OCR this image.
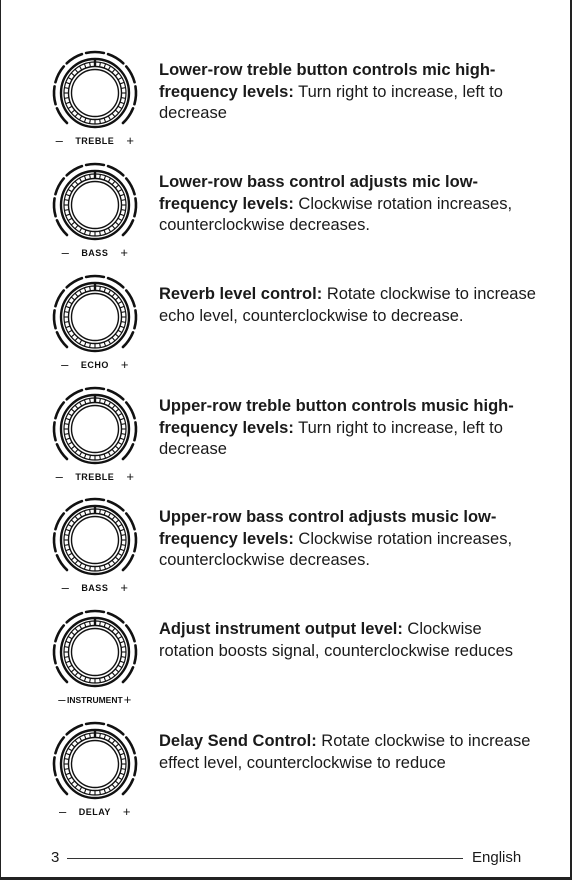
– TREBLE +
Lower-row treble button controls mic high-frequency levels: Turn right to increase, left to decrease
– BASS +
Lower-row bass control adjusts mic low-frequency levels: Clockwise rotation increases, counterclockwise decreases.
– ECHO +
Reverb level control: Rotate clockwise to increase echo level, counterclockwise to decrease.
– TREBLE +
Upper-row treble button controls music high-frequency levels: Turn right to increase, left to decrease
– BASS +
Upper-row bass control adjusts music low-frequency levels: Clockwise rotation increases, counterclockwise decreases.
– INSTRUMENT +
Adjust instrument output level: Clockwise rotation boosts signal, counterclockwise reduces
– DELAY +
Delay Send Control: Rotate clockwise to increase effect level, counterclockwise to reduce
3	English
